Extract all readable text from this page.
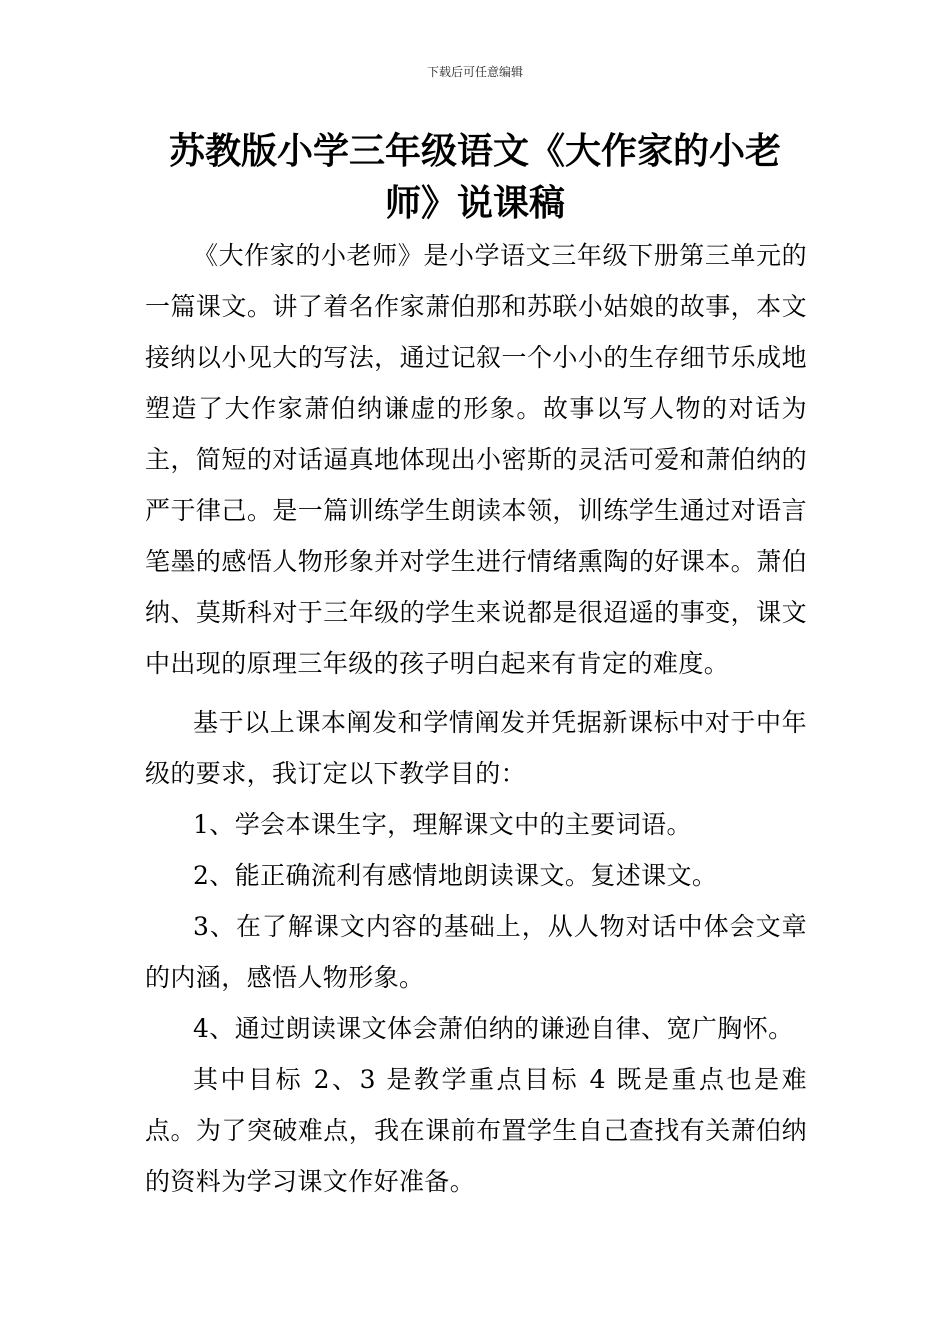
下载后可任意编辑
苏教版小学三年级语文《大作家的小老
师》说课稿

《大作家的小老师》是小学语文三年级下册第三单元的一篇课文。讲了着名作家萧伯那和苏联小姑娘的故事，本文接纳以小见大的写法，通过记叙一个小小的生存细节乐成地塑造了大作家萧伯纳谦虚的形象。故事以写人物的对话为主，简短的对话逼真地体现出小密斯的灵活可爱和萧伯纳的严于律己。是一篇训练学生朗读本领，训练学生通过对语言笔墨的感悟人物形象并对学生进行情绪熏陶的好课本。萧伯纳、莫斯科对于三年级的学生来说都是很迢遥的事变，课文中出现的原理三年级的孩子明白起来有肯定的难度。

基于以上课本阐发和学情阐发并凭据新课标中对于中年级的要求，我订定以下教学目的：

1、学会本课生字，理解课文中的主要词语。

2、能正确流利有感情地朗读课文。复述课文。

3、在了解课文内容的基础上，从人物对话中体会文章的内涵，感悟人物形象。

4、通过朗读课文体会萧伯纳的谦逊自律、宽广胸怀。

其中目标 2、3 是教学重点目标 4 既是重点也是难点。为了突破难点，我在课前布置学生自己查找有关萧伯纳的资料为学习课文作好准备。
